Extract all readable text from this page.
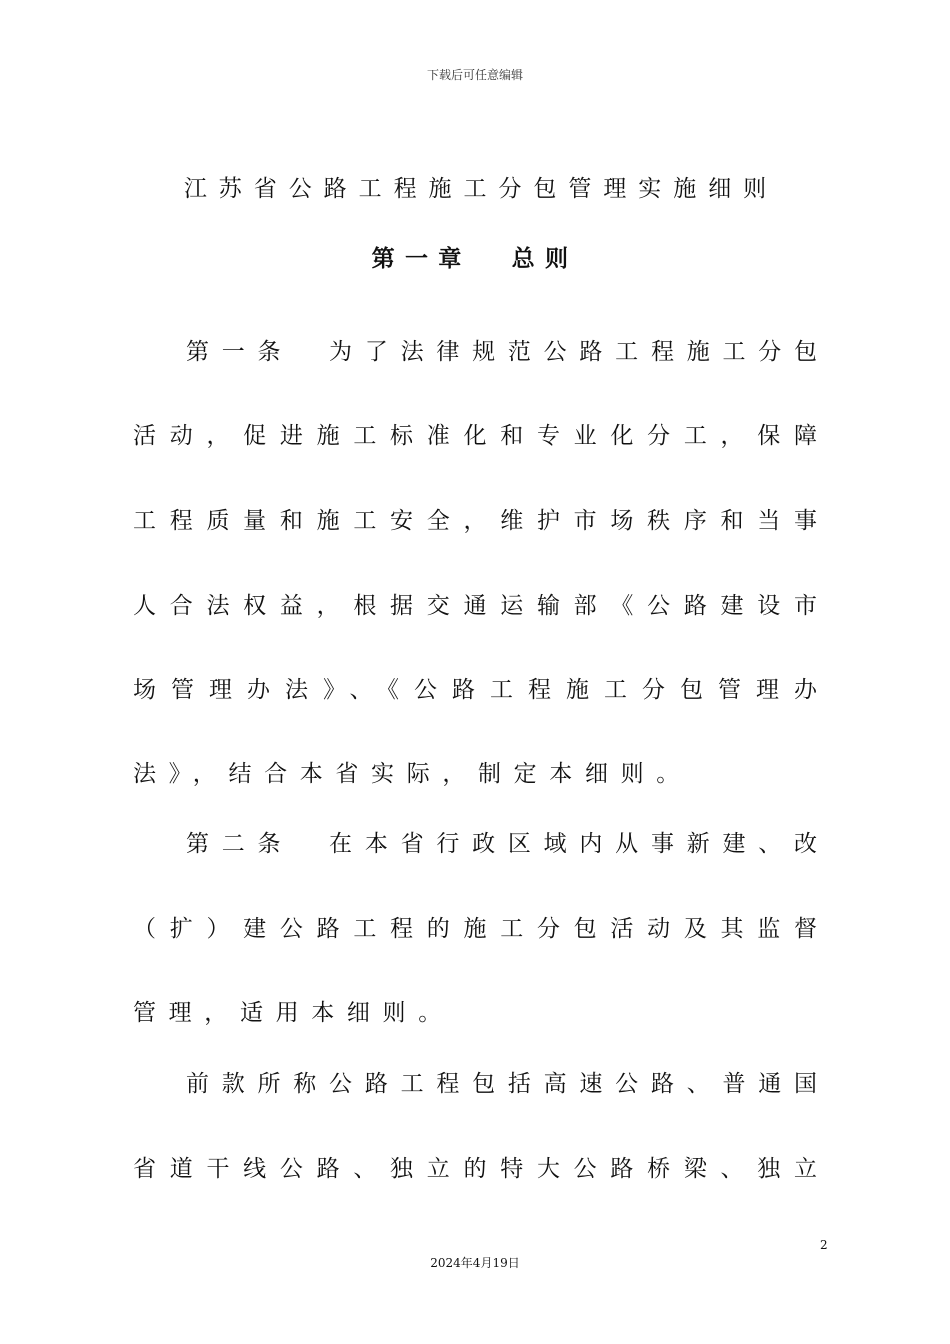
下载后可任意编辑
江苏省公路工程施工分包管理实施细则
第一章 总则
第一条　为了法律规范公路工程施工分包
活动，促进施工标准化和专业化分工，保障
工程质量和施工安全，维护市场秩序和当事
人合法权益，根据交通运输部《公路建设市
场管理办法》、《公路工程施工分包管理办
法》，结合本省实际，制定本细则。
第二条　在本省行政区域内从事新建、改
（扩）建公路工程的施工分包活动及其监督
管理，适用本细则。
前款所称公路工程包括高速公路、普通国
省道干线公路、独立的特大公路桥梁、独立
2
2024年4月19日
